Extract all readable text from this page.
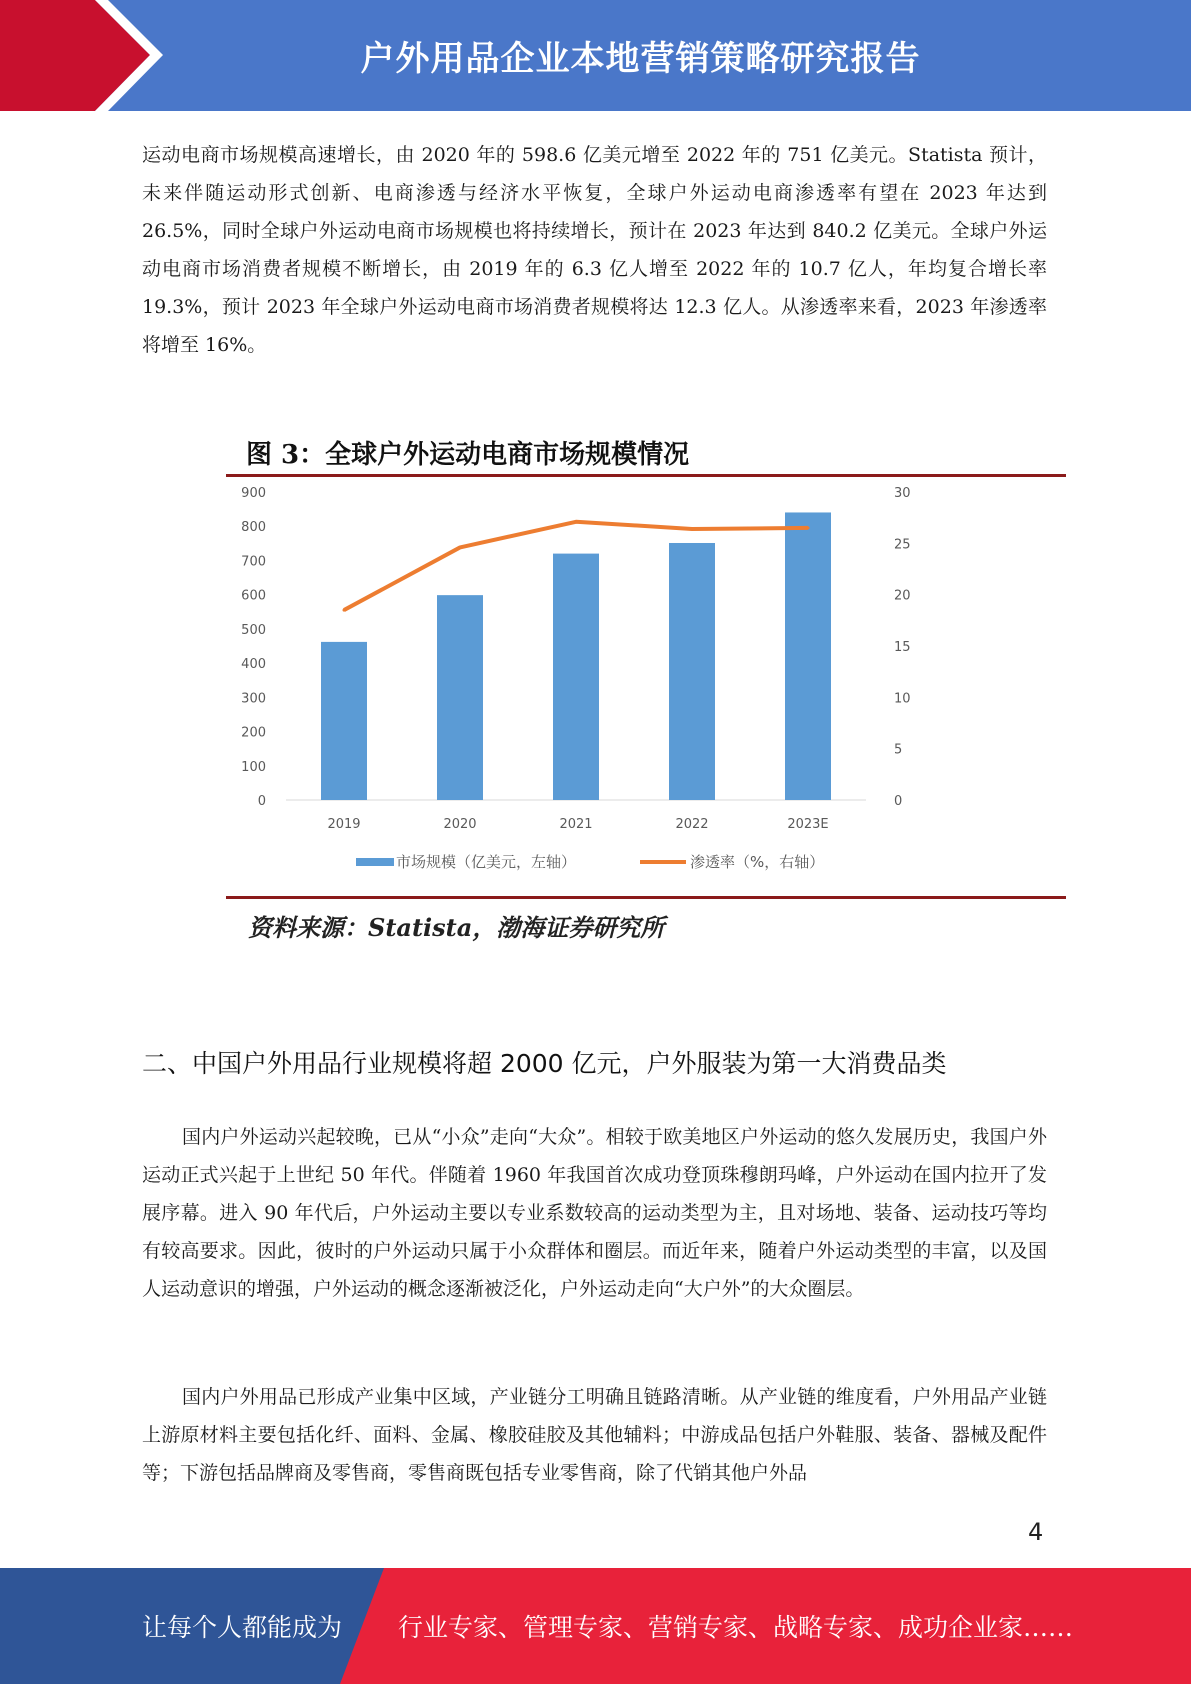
户外用品企业本地营销策略研究报告

运动电商市场规模高速增长，由 2020 年的 598.6 亿美元增至 2022 年的 751 亿美元。Statista 预计，未来伴随运动形式创新、电商渗透与经济水平恢复，全球户外运动电商渗透率有望在 2023 年达到 26.5%，同时全球户外运动电商市场规模也将持续增长，预计在 2023 年达到 840.2 亿美元。全球户外运动电商市场消费者规模不断增长，由 2019 年的 6.3 亿人增至 2022 年的 10.7 亿人，年均复合增长率 19.3%，预计 2023 年全球户外运动电商市场消费者规模将达 12.3 亿人。从渗透率来看，2023 年渗透率将增至 16%。

图 3：全球户外运动电商市场规模情况
0
100
200
300
400
500
600
700
800
900
0
5
10
15
20
25
30
2019	2020	2021	2022	2023E
市场规模（亿美元，左轴）	渗透率（%，右轴）
资料来源：Statista，渤海证券研究所
二、中国户外用品行业规模将超 2000 亿元，户外服装为第一大消费品类

国内户外运动兴起较晚，已从“小众”走向“大众”。相较于欧美地区户外运动的悠久发展历史，我国户外运动正式兴起于上世纪 50 年代。伴随着 1960 年我国首次成功登顶珠穆朗玛峰，户外运动在国内拉开了发展序幕。进入 90 年代后，户外运动主要以专业系数较高的运动类型为主，且对场地、装备、运动技巧等均有较高要求。因此，彼时的户外运动只属于小众群体和圈层。而近年来，随着户外运动类型的丰富，以及国人运动意识的增强，户外运动的概念逐渐被泛化，户外运动走向“大户外”的大众圈层。

国内户外用品已形成产业集中区域，产业链分工明确且链路清晰。从产业链的维度看，户外用品产业链上游原材料主要包括化纤、面料、金属、橡胶硅胶及其他辅料；中游成品包括户外鞋服、装备、器械及配件等；下游包括品牌商及零售商，零售商既包括专业零售商，除了代销其他户外品

4
让每个人都能成为 行业专家、管理专家、营销专家、战略专家、成功企业家……
